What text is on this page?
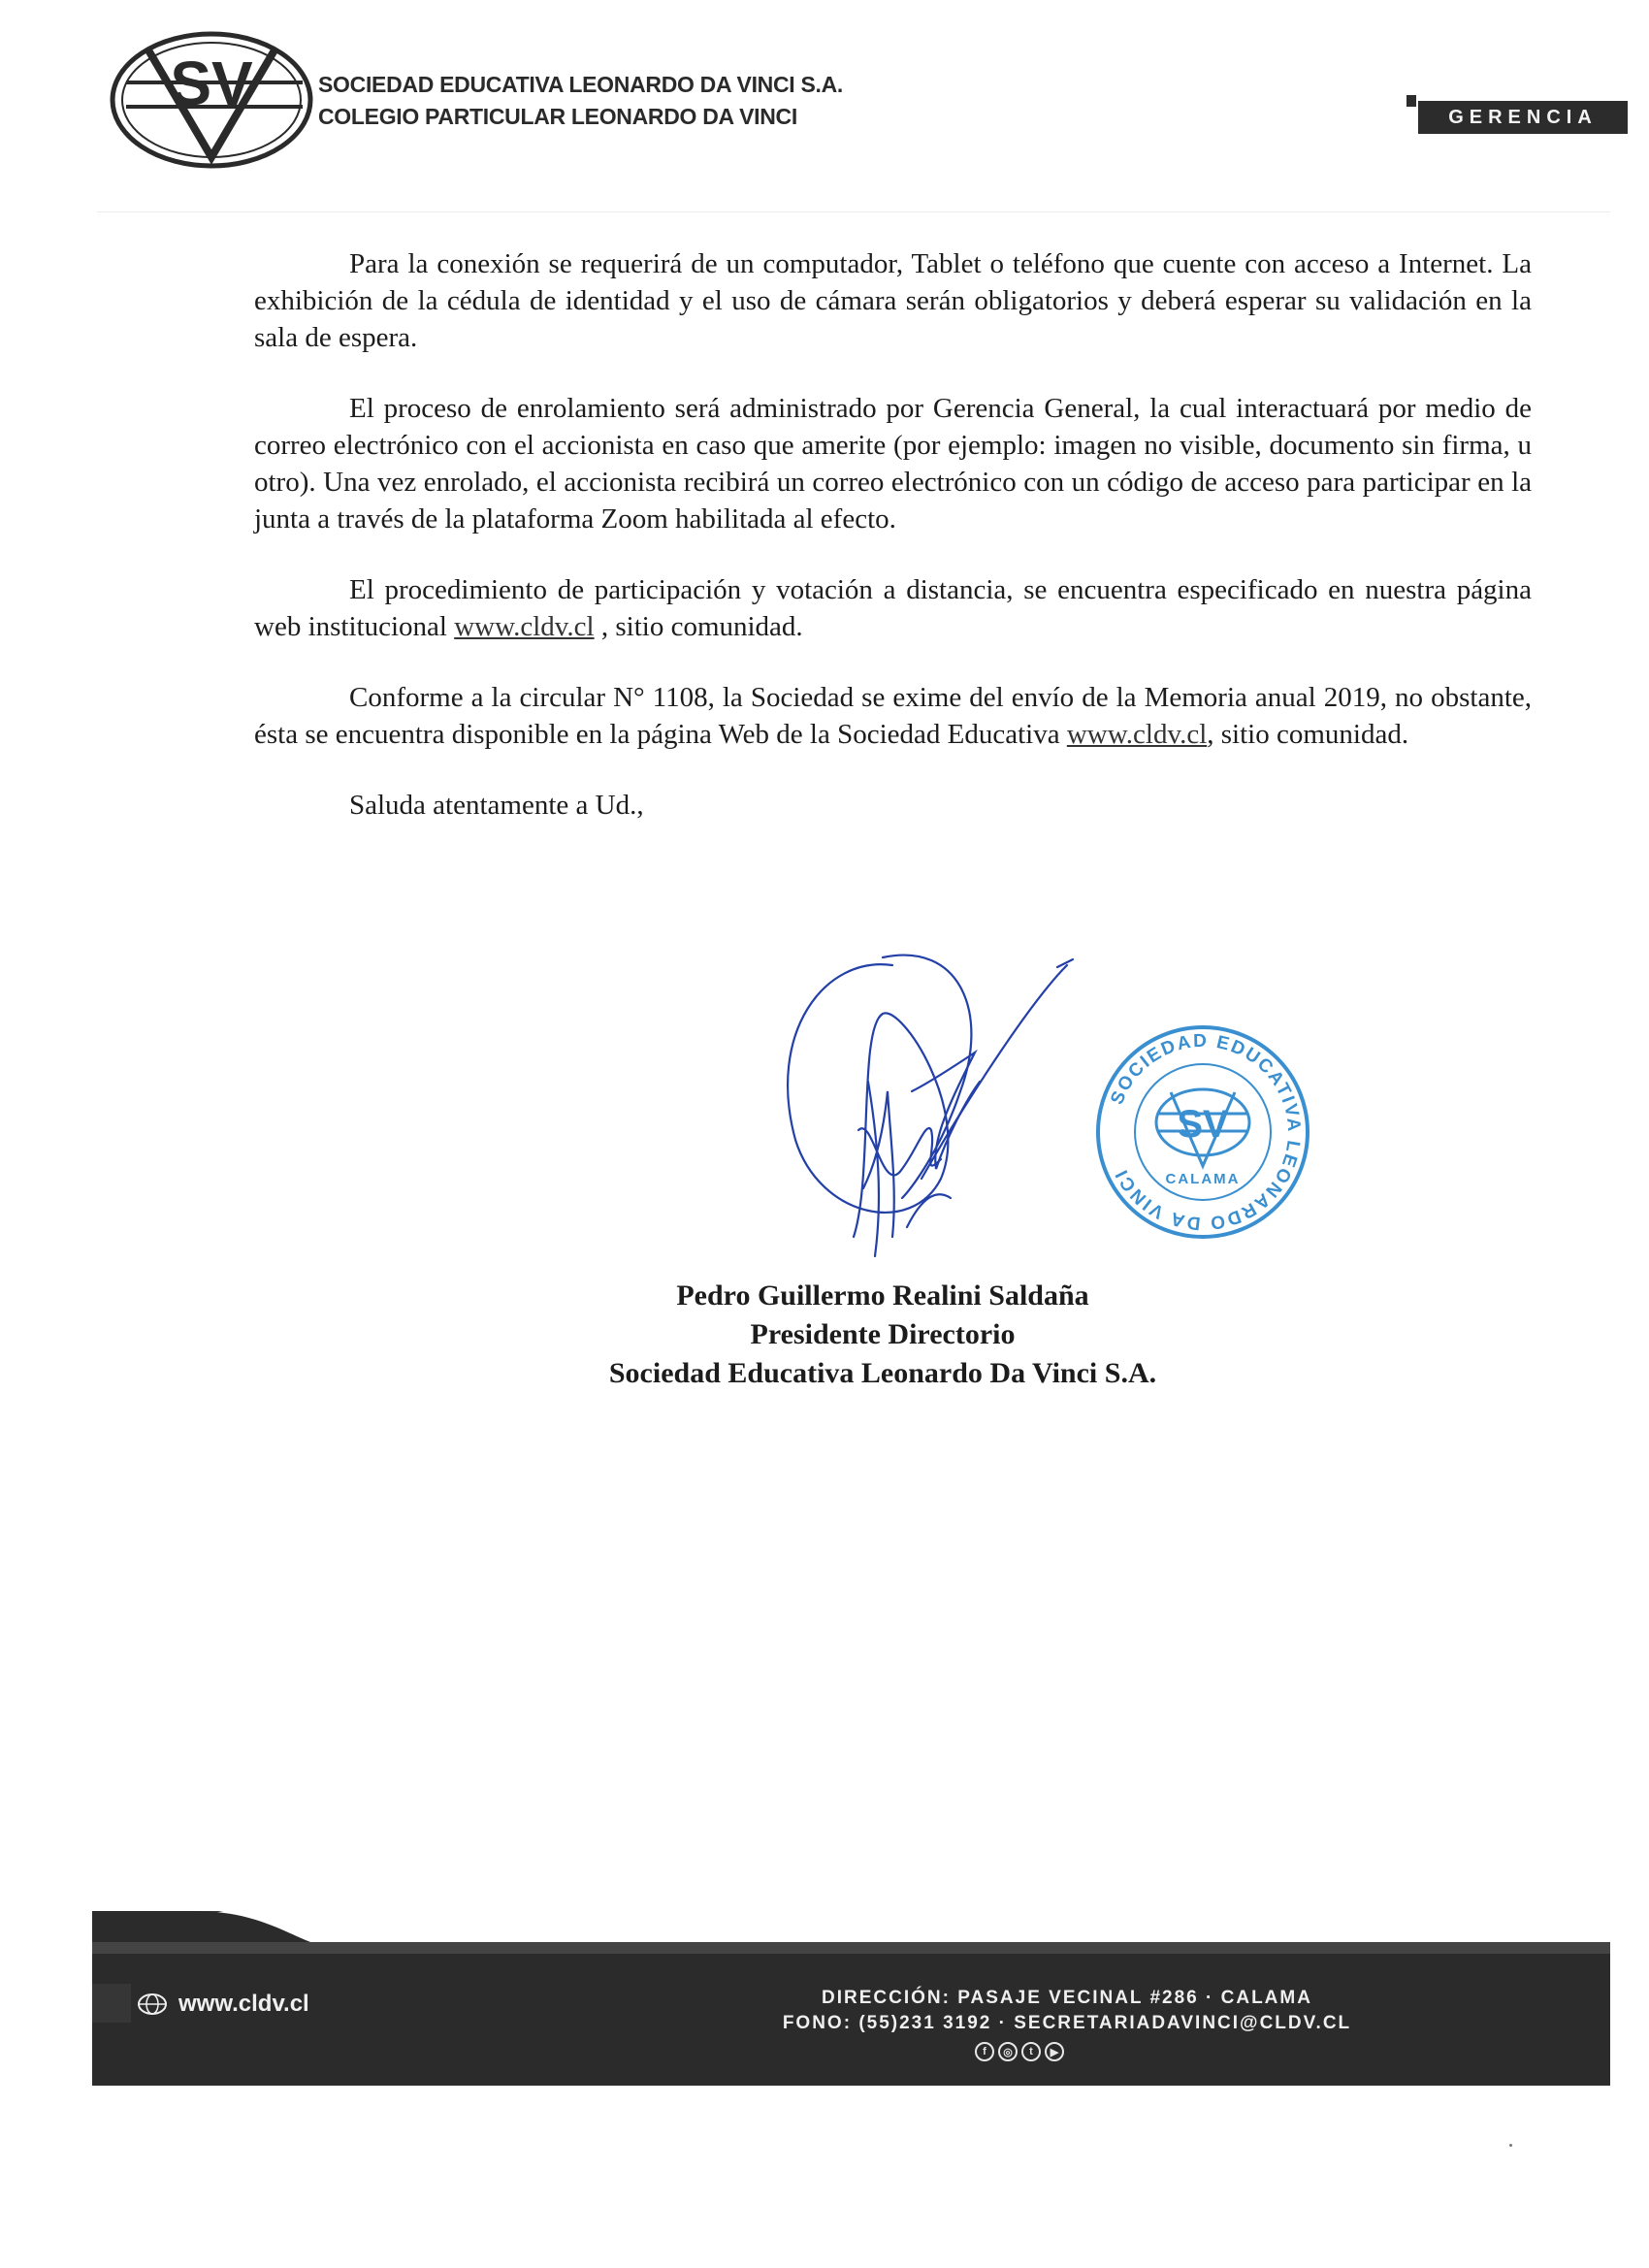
SV	SOCIEDAD EDUCATIVA LEONARDO DA VINCI S.A.
COLEGIO PARTICULAR LEONARDO DA VINCI	GERENCIA

Para la conexión se requerirá de un computador, Tablet o teléfono que cuente con acceso a Internet. La exhibición de la cédula de identidad y el uso de cámara serán obligatorios y deberá esperar su validación en la sala de espera.

El proceso de enrolamiento será administrado por Gerencia General, la cual interactuará por medio de correo electrónico con el accionista en caso que amerite (por ejemplo: imagen no visible, documento sin firma, u otro). Una vez enrolado, el accionista recibirá un correo electrónico con un código de acceso para participar en la junta a través de la plataforma Zoom habilitada al efecto.

El procedimiento de participación y votación a distancia, se encuentra especificado en nuestra página web institucional www.cldv.cl , sitio comunidad.

Conforme a la circular N° 1108, la Sociedad se exime del envío de la Memoria anual 2019, no obstante, ésta se encuentra disponible en la página Web de la Sociedad Educativa www.cldv.cl, sitio comunidad.

Saluda atentamente a Ud.,

SOCIEDAD EDUCATIVA LEONARDO DA VINCI
SV
CALAMA
Pedro Guillermo Realini Saldaña
Presidente Directorio
Sociedad Educativa Leonardo Da Vinci S.A.
www.cldv.cl	DIRECCIÓN: PASAJE VECINAL #286 · CALAMA
FONO: (55)231 3192 · SECRETARIADAVINCI@CLDV.CL
f	◎	t	▶
